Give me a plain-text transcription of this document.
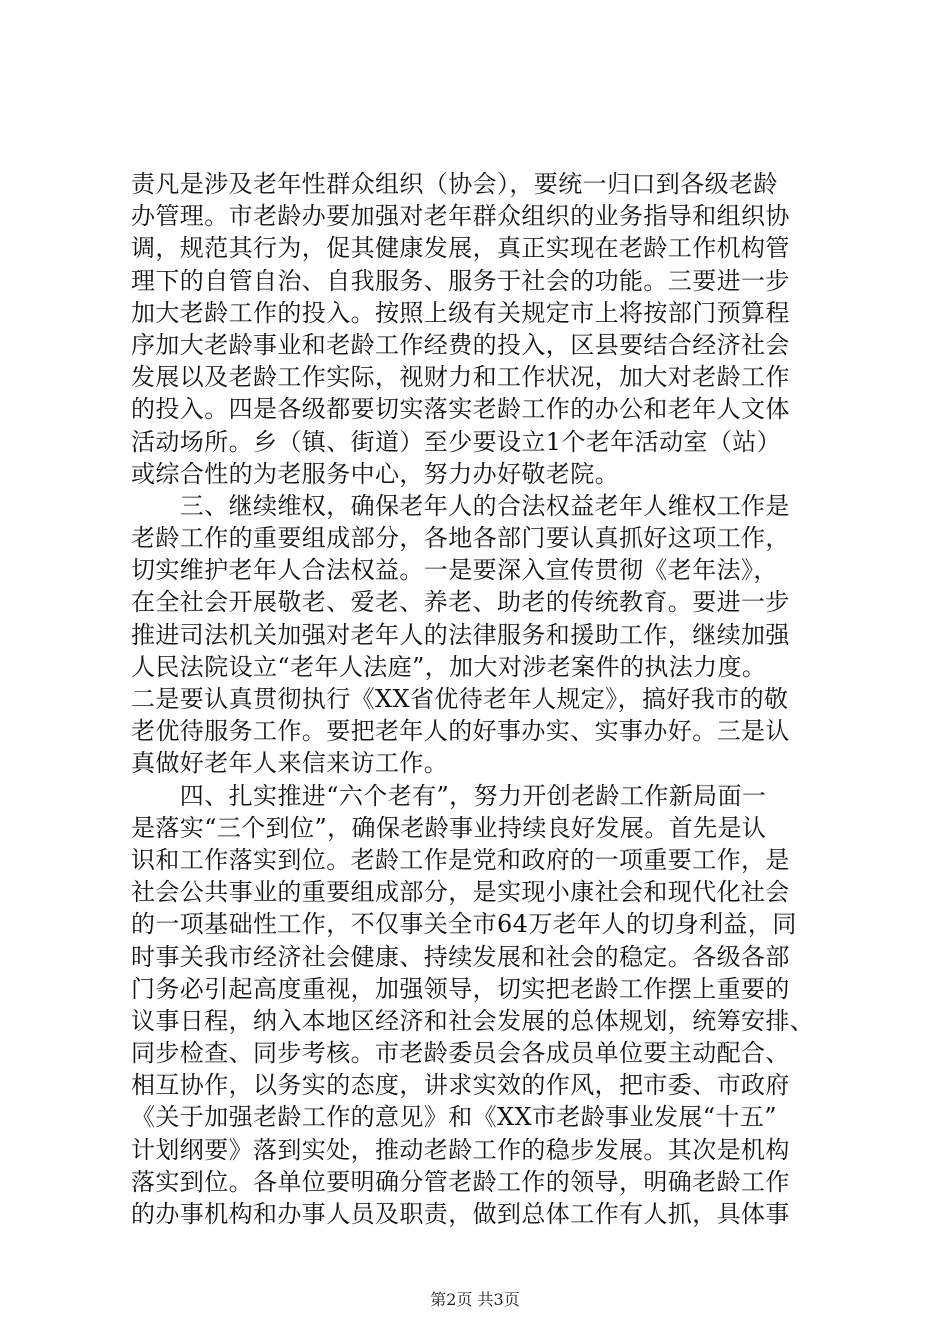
责凡是涉及老年性群众组织（协会），要统一归口到各级老龄
办管理。市老龄办要加强对老年群众组织的业务指导和组织协
调，规范其行为，促其健康发展，真正实现在老龄工作机构管
理下的自管自治、自我服务、服务于社会的功能。三要进一步
加大老龄工作的投入。按照上级有关规定市上将按部门预算程
序加大老龄事业和老龄工作经费的投入，区县要结合经济社会
发展以及老龄工作实际，视财力和工作状况，加大对老龄工作
的投入。四是各级都要切实落实老龄工作的办公和老年人文体
活动场所。乡（镇、街道）至少要设立1个老年活动室（站）
或综合性的为老服务中心，努力办好敬老院。
　　三、继续维权，确保老年人的合法权益老年人维权工作是
老龄工作的重要组成部分，各地各部门要认真抓好这项工作，
切实维护老年人合法权益。一是要深入宣传贯彻《老年法》，
在全社会开展敬老、爱老、养老、助老的传统教育。要进一步
推进司法机关加强对老年人的法律服务和援助工作，继续加强
人民法院设立“老年人法庭”，加大对涉老案件的执法力度。
二是要认真贯彻执行《XX省优待老年人规定》，搞好我市的敬
老优待服务工作。要把老年人的好事办实、实事办好。三是认
真做好老年人来信来访工作。
　　四、扎实推进“六个老有”，努力开创老龄工作新局面一
是落实“三个到位”，确保老龄事业持续良好发展。首先是认
识和工作落实到位。老龄工作是党和政府的一项重要工作，是
社会公共事业的重要组成部分，是实现小康社会和现代化社会
的一项基础性工作，不仅事关全市64万老年人的切身利益，同
时事关我市经济社会健康、持续发展和社会的稳定。各级各部
门务必引起高度重视，加强领导，切实把老龄工作摆上重要的
议事日程，纳入本地区经济和社会发展的总体规划，统筹安排、
同步检查、同步考核。市老龄委员会各成员单位要主动配合、
相互协作，以务实的态度，讲求实效的作风，把市委、市政府
《关于加强老龄工作的意见》和《XX市老龄事业发展“十五”
计划纲要》落到实处，推动老龄工作的稳步发展。其次是机构
落实到位。各单位要明确分管老龄工作的领导，明确老龄工作
的办事机构和办事人员及职责，做到总体工作有人抓，具体事
第2页 共3页
